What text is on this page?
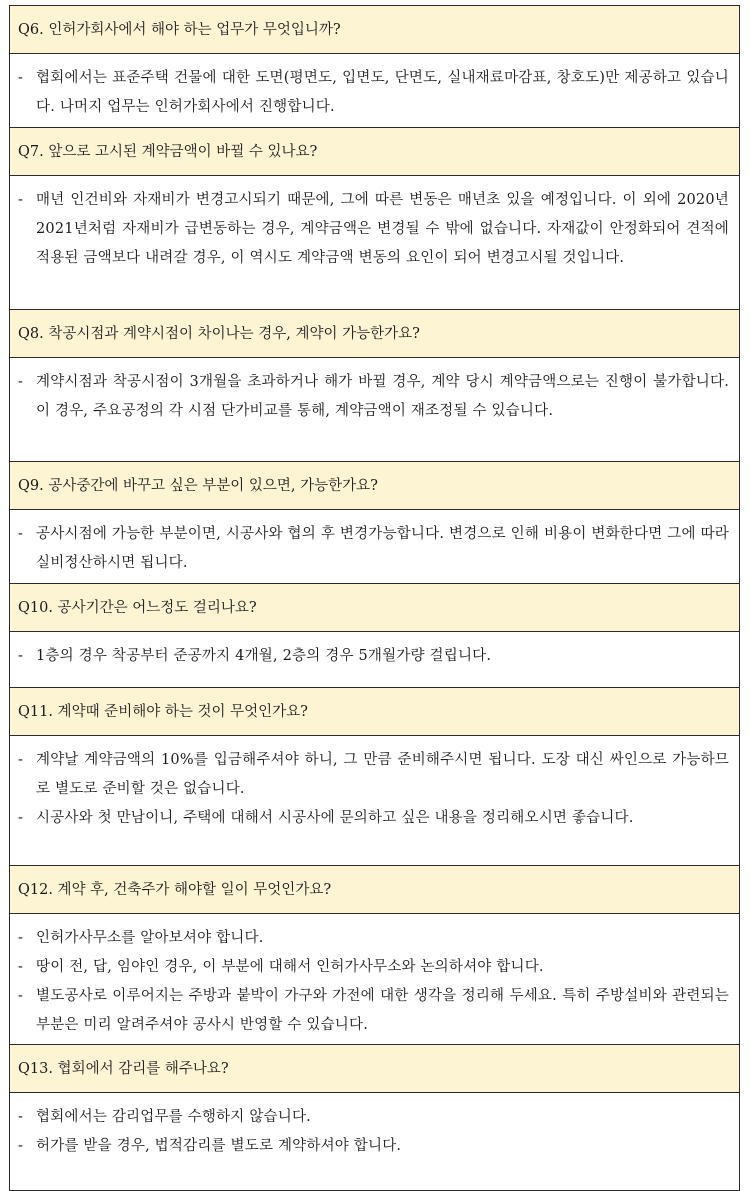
Q6. 인허가회사에서 해야 하는 업무가 무엇입니까?
- 협회에서는 표준주택 건물에 대한 도면(평면도, 입면도, 단면도, 실내재료마감표, 창호도)만 제공하고 있습니다. 나머지 업무는 인허가회사에서 진행합니다.
Q7. 앞으로 고시된 계약금액이 바뀔 수 있나요?
- 매년 인건비와 자재비가 변경고시되기 때문에, 그에 따른 변동은 매년초 있을 예정입니다. 이 외에 2020년 2021년처럼 자재비가 급변동하는 경우, 계약금액은 변경될 수 밖에 없습니다. 자재값이 안정화되어 견적에 적용된 금액보다 내려갈 경우, 이 역시도 계약금액 변동의 요인이 되어 변경고시될 것입니다.
Q8. 착공시점과 계약시점이 차이나는 경우, 계약이 가능한가요?
- 계약시점과 착공시점이 3개월을 초과하거나 해가 바뀔 경우, 계약 당시 계약금액으로는 진행이 불가합니다. 이 경우, 주요공정의 각 시점 단가비교를 통해, 계약금액이 재조정될 수 있습니다.
Q9. 공사중간에 바꾸고 싶은 부분이 있으면, 가능한가요?
- 공사시점에 가능한 부분이면, 시공사와 협의 후 변경가능합니다. 변경으로 인해 비용이 변화한다면 그에 따라 실비정산하시면 됩니다.
Q10. 공사기간은 어느정도 걸리나요?
- 1층의 경우 착공부터 준공까지 4개월, 2층의 경우 5개월가량 걸립니다.
Q11. 계약때 준비해야 하는 것이 무엇인가요?
- 계약날 계약금액의 10%를 입금해주셔야 하니, 그 만큼 준비해주시면 됩니다. 도장 대신 싸인으로 가능하므로 별도로 준비할 것은 없습니다.
- 시공사와 첫 만남이니, 주택에 대해서 시공사에 문의하고 싶은 내용을 정리해오시면 좋습니다.
Q12. 계약 후, 건축주가 해야할 일이 무엇인가요?
- 인허가사무소를 알아보셔야 합니다.
- 땅이 전, 답, 임야인 경우, 이 부분에 대해서 인허가사무소와 논의하셔야 합니다.
- 별도공사로 이루어지는 주방과 붙박이 가구와 가전에 대한 생각을 정리해 두세요. 특히 주방설비와 관련되는 부분은 미리 알려주셔야 공사시 반영할 수 있습니다.
Q13. 협회에서 감리를 해주나요?
- 협회에서는 감리업무를 수행하지 않습니다.
- 허가를 받을 경우, 법적감리를 별도로 계약하셔야 합니다.
